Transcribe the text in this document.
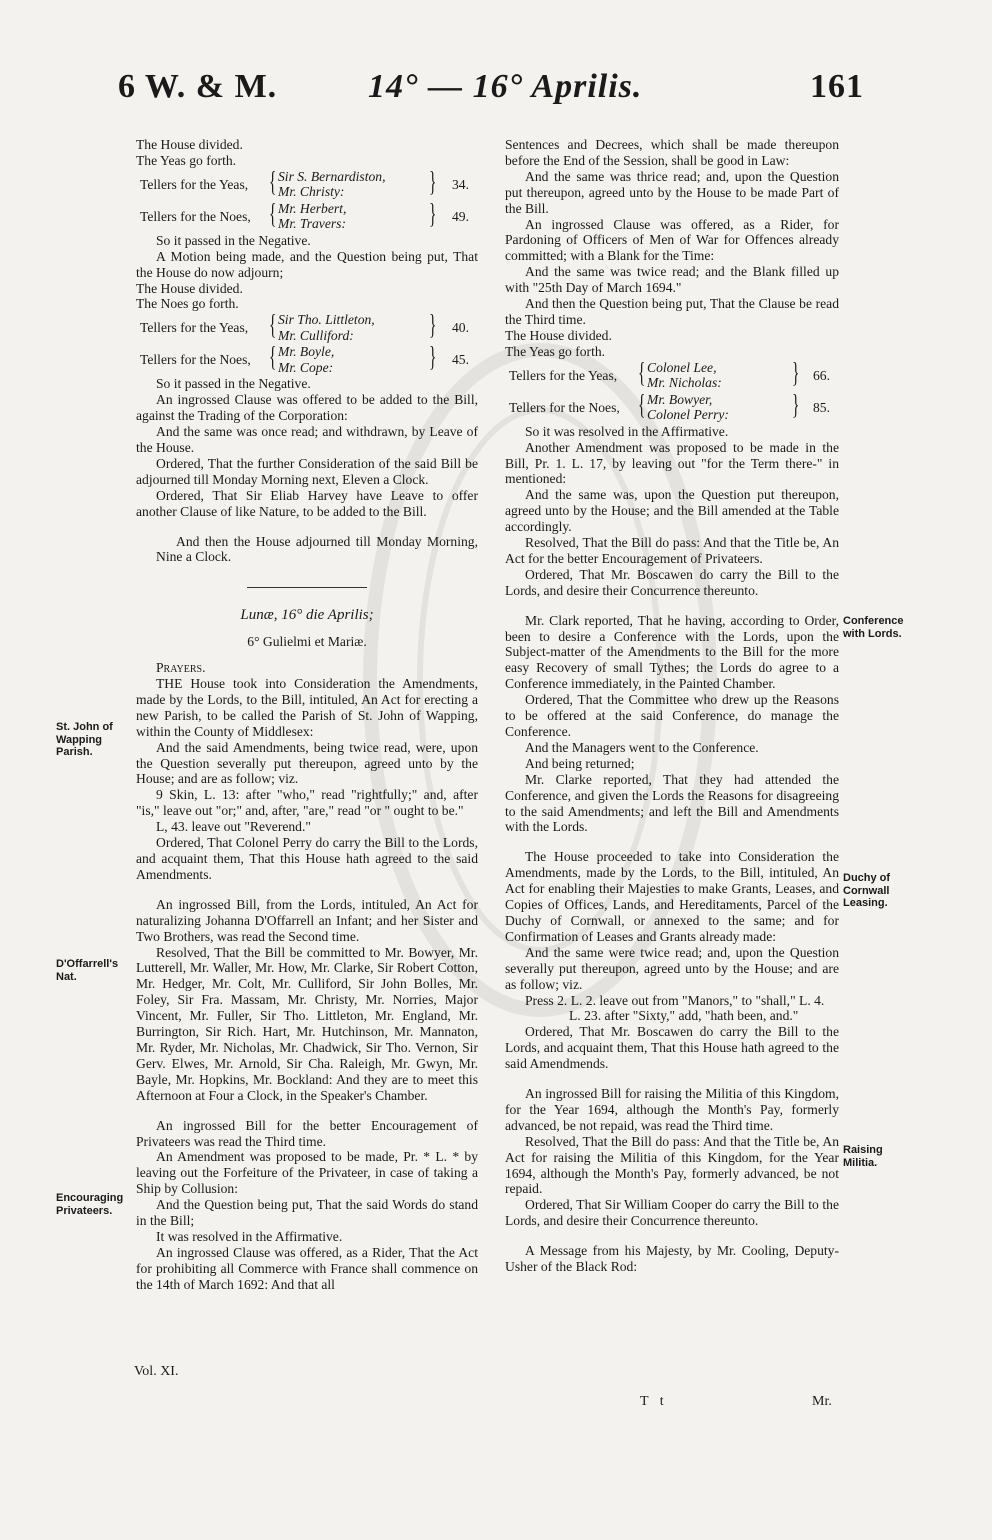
6 W. & M.	14° — 16° Aprilis.	161

The House divided.

The Yeas go forth.

Tellers for the Yeas, { Sir S. Bernardiston,
Mr. Christy:	} 34.
Tellers for the Noes, { Mr. Herbert,
Mr. Travers:	} 49.

So it passed in the Negative.

A Motion being made, and the Question being put, That the House do now adjourn;

The House divided.

The Noes go forth.

Tellers for the Yeas, { Sir Tho. Littleton,
Mr. Culliford:	} 40.
Tellers for the Noes, { Mr. Boyle,
Mr. Cope:	} 45.

So it passed in the Negative.

An ingrossed Clause was offered to be added to the Bill, against the Trading of the Corporation:

And the same was once read; and withdrawn, by Leave of the House.

Ordered, That the further Consideration of the said Bill be adjourned till Monday Morning next, Eleven a Clock.

Ordered, That Sir Eliab Harvey have Leave to offer another Clause of like Nature, to be added to the Bill.

And then the House adjourned till Monday Morning, Nine a Clock.

Lunæ, 16° die Aprilis;

6° Gulielmi et Mariæ.

Prayers.

THE House took into Consideration the Amendments, made by the Lords, to the Bill, intituled, An Act for erecting a new Parish, to be called the Parish of St. John of Wapping, within the County of Middlesex:

And the said Amendments, being twice read, were, upon the Question severally put thereupon, agreed unto by the House; and are as follow; viz.

9 Skin, L. 13: after "who," read "rightfully;" and, after "is," leave out "or;" and, after, "are," read "or " ought to be."

L, 43. leave out "Reverend."

Ordered, That Colonel Perry do carry the Bill to the Lords, and acquaint them, That this House hath agreed to the said Amendments.

An ingrossed Bill, from the Lords, intituled, An Act for naturalizing Johanna D'Offarrell an Infant; and her Sister and Two Brothers, was read the Second time.

Resolved, That the Bill be committed to Mr. Bowyer, Mr. Lutterell, Mr. Waller, Mr. How, Mr. Clarke, Sir Robert Cotton, Mr. Hedger, Mr. Colt, Mr. Culliford, Sir John Bolles, Mr. Foley, Sir Fra. Massam, Mr. Christy, Mr. Norries, Major Vincent, Mr. Fuller, Sir Tho. Littleton, Mr. England, Mr. Burrington, Sir Rich. Hart, Mr. Hutchinson, Mr. Mannaton, Mr. Ryder, Mr. Nicholas, Mr. Chadwick, Sir Tho. Vernon, Sir Gerv. Elwes, Mr. Arnold, Sir Cha. Raleigh, Mr. Gwyn, Mr. Bayle, Mr. Hopkins, Mr. Bockland: And they are to meet this Afternoon at Four a Clock, in the Speaker's Chamber.

An ingrossed Bill for the better Encouragement of Privateers was read the Third time.

An Amendment was proposed to be made, Pr. * L. * by leaving out the Forfeiture of the Privateer, in case of taking a Ship by Collusion:

And the Question being put, That the said Words do stand in the Bill;

It was resolved in the Affirmative.

An ingrossed Clause was offered, as a Rider, That the Act for prohibiting all Commerce with France shall commence on the 14th of March 1692: And that all

Sentences and Decrees, which shall be made thereupon before the End of the Session, shall be good in Law:

And the same was thrice read; and, upon the Question put thereupon, agreed unto by the House to be made Part of the Bill.

An ingrossed Clause was offered, as a Rider, for Pardoning of Officers of Men of War for Offences already committed; with a Blank for the Time:

And the same was twice read; and the Blank filled up with "25th Day of March 1694."

And then the Question being put, That the Clause be read the Third time.

The House divided.

The Yeas go forth.

Tellers for the Yeas, { Colonel Lee,
Mr. Nicholas:	} 66.
Tellers for the Noes, { Mr. Bowyer,
Colonel Perry: } 85.

So it was resolved in the Affirmative.

Another Amendment was proposed to be made in the Bill, Pr. 1. L. 17, by leaving out "for the Term there-" in mentioned:

And the same was, upon the Question put thereupon, agreed unto by the House; and the Bill amended at the Table accordingly.

Resolved, That the Bill do pass: And that the Title be, An Act for the better Encouragement of Privateers.

Ordered, That Mr. Boscawen do carry the Bill to the Lords, and desire their Concurrence thereunto.

Mr. Clark reported, That he having, according to Order, been to desire a Conference with the Lords, upon the Subject-matter of the Amendments to the Bill for the more easy Recovery of small Tythes; the Lords do agree to a Conference immediately, in the Painted Chamber.

Ordered, That the Committee who drew up the Reasons to be offered at the said Conference, do manage the Conference.

And the Managers went to the Conference.

And being returned;

Mr. Clarke reported, That they had attended the Conference, and given the Lords the Reasons for disagreeing to the said Amendments; and left the Bill and Amendments with the Lords.

The House proceeded to take into Consideration the Amendments, made by the Lords, to the Bill, intituled, An Act for enabling their Majesties to make Grants, Leases, and Copies of Offices, Lands, and Hereditaments, Parcel of the Duchy of Cornwall, or annexed to the same; and for Confirmation of Leases and Grants already made:

And the same were twice read; and, upon the Question severally put thereupon, agreed unto by the House; and are as follow; viz.

Press 2. L. 2. leave out from "Manors," to "shall," L. 4.

L. 23. after "Sixty," add, "hath been, and."

Ordered, That Mr. Boscawen do carry the Bill to the Lords, and acquaint them, That this House hath agreed to the said Amendmends.

An ingrossed Bill for raising the Militia of this Kingdom, for the Year 1694, although the Month's Pay, formerly advanced, be not repaid, was read the Third time.

Resolved, That the Bill do pass: And that the Title be, An Act for raising the Militia of this Kingdom, for the Year 1694, although the Month's Pay, formerly advanced, be not repaid.

Ordered, That Sir William Cooper do carry the Bill to the Lords, and desire their Concurrence thereunto.

A Message from his Majesty, by Mr. Cooling, Deputy-Usher of the Black Rod:

St. John of Wapping Parish.
D'Offarrell's Nat.
Encouraging Privateers.
Conference with Lords.
Duchy of Cornwall Leasing.
Raising Militia.
Vol. XI.
T t	Mr.
